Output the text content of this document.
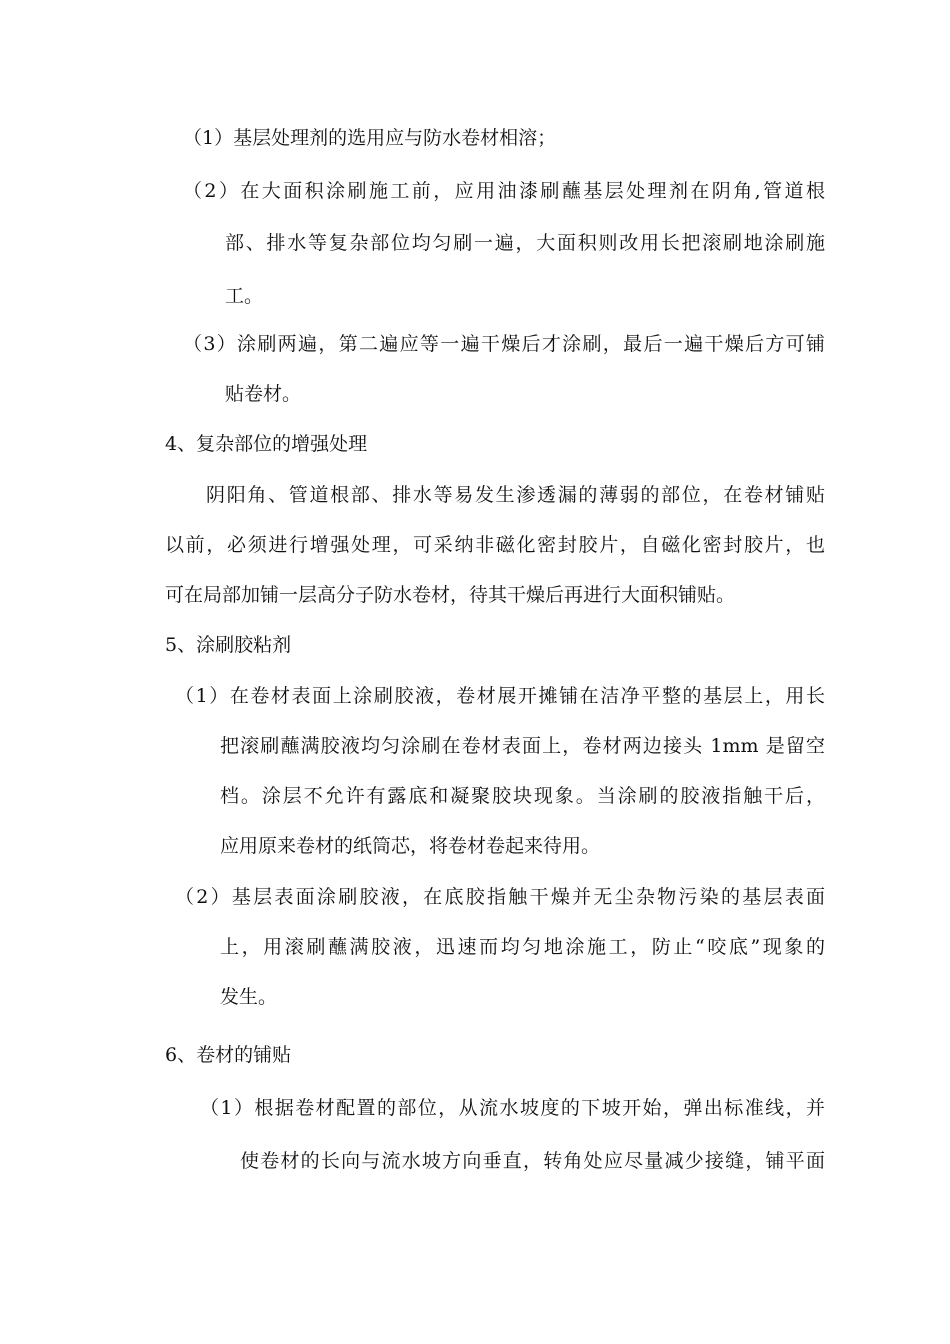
（1）基层处理剂的选用应与防水卷材相溶；
（2）在大面积涂刷施工前，应用油漆刷蘸基层处理剂在阴角,管道根
部、排水等复杂部位均匀刷一遍，大面积则改用长把滚刷地涂刷施
工。
（3）涂刷两遍，第二遍应等一遍干燥后才涂刷，最后一遍干燥后方可铺
贴卷材。
4、复杂部位的增强处理
阴阳角、管道根部、排水等易发生渗透漏的薄弱的部位，在卷材铺贴
以前，必须进行增强处理，可采纳非磁化密封胶片，自磁化密封胶片，也
可在局部加铺一层高分子防水卷材，待其干燥后再进行大面积铺贴。
5、涂刷胶粘剂
（1）在卷材表面上涂刷胶液，卷材展开摊铺在洁净平整的基层上，用长
把滚刷蘸满胶液均匀涂刷在卷材表面上，卷材两边接头 1mm 是留空
档。涂层不允许有露底和凝聚胶块现象。当涂刷的胶液指触干后，
应用原来卷材的纸筒芯，将卷材卷起来待用。
（2）基层表面涂刷胶液，在底胶指触干燥并无尘杂物污染的基层表面
上，用滚刷蘸满胶液，迅速而均匀地涂施工，防止“咬底”现象的
发生。
6、卷材的铺贴
（1）根据卷材配置的部位，从流水坡度的下坡开始，弹出标准线，并
使卷材的长向与流水坡方向垂直，转角处应尽量减少接缝，铺平面
